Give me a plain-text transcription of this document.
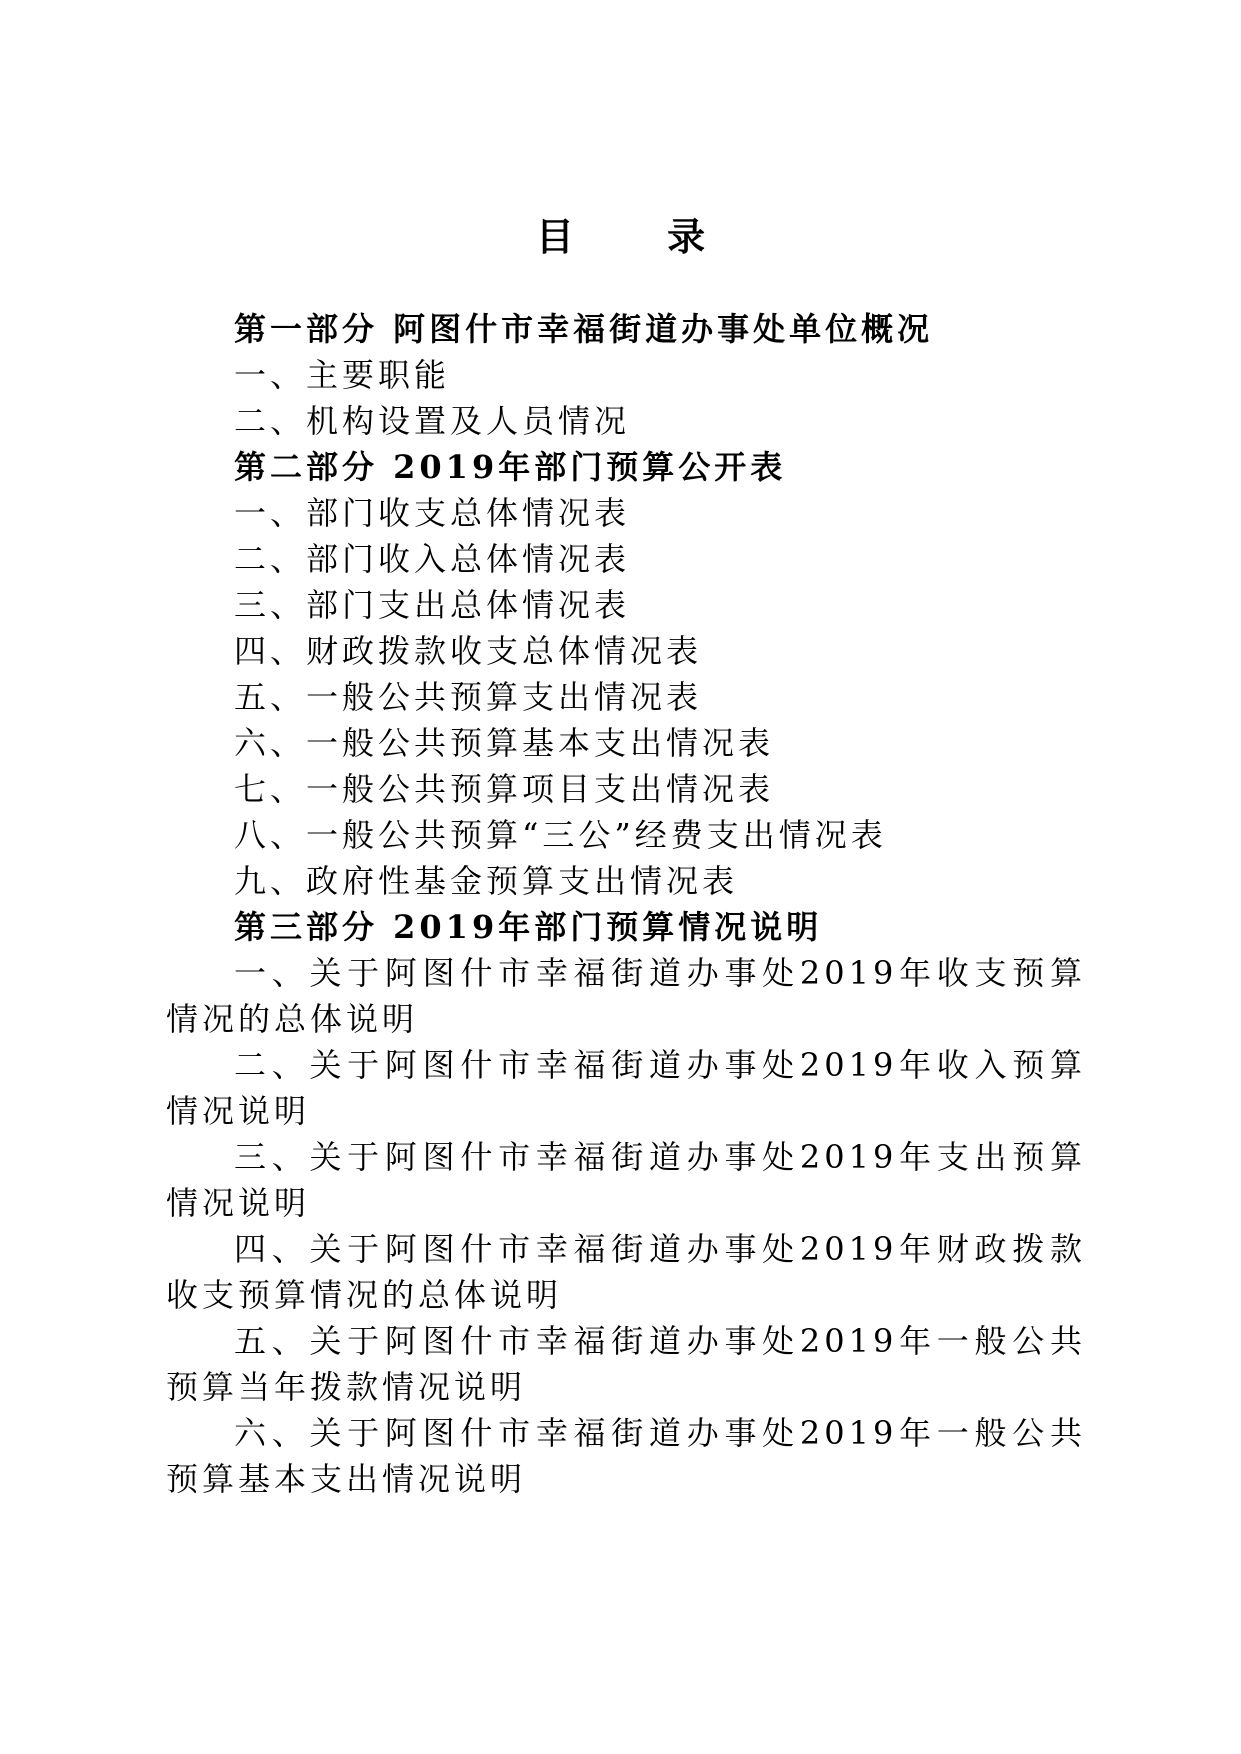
目 录
第一部分 阿图什市幸福街道办事处单位概况
一、主要职能
二、机构设置及人员情况
第二部分 2019年部门预算公开表
一、部门收支总体情况表
二、部门收入总体情况表
三、部门支出总体情况表
四、财政拨款收支总体情况表
五、一般公共预算支出情况表
六、一般公共预算基本支出情况表
七、一般公共预算项目支出情况表
八、一般公共预算“三公”经费支出情况表
九、政府性基金预算支出情况表
第三部分 2019年部门预算情况说明
一、关于阿图什市幸福街道办事处2019年收支预算情况的总体说明
二、关于阿图什市幸福街道办事处2019年收入预算情况说明
三、关于阿图什市幸福街道办事处2019年支出预算情况说明
四、关于阿图什市幸福街道办事处2019年财政拨款收支预算情况的总体说明
五、关于阿图什市幸福街道办事处2019年一般公共预算当年拨款情况说明
六、关于阿图什市幸福街道办事处2019年一般公共预算基本支出情况说明
